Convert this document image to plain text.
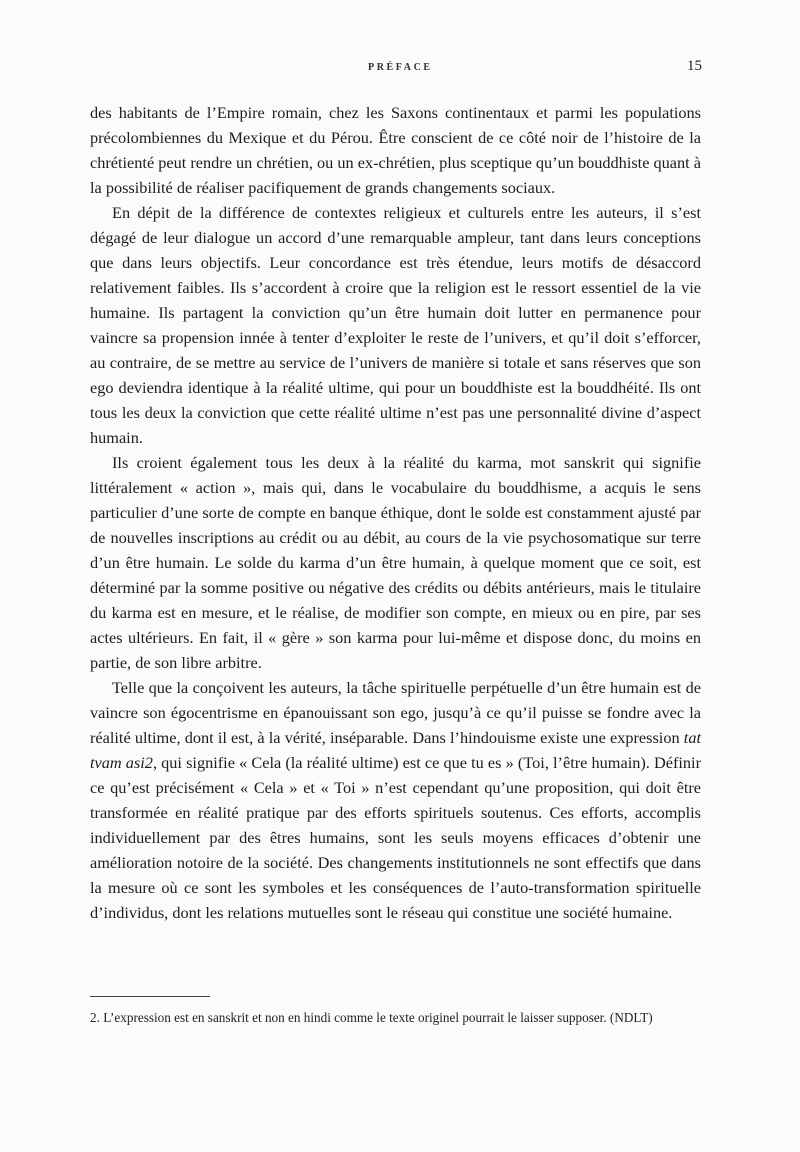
PRÉFACE	15

des habitants de l’Empire romain, chez les Saxons continentaux et parmi les populations précolombiennes du Mexique et du Pérou. Être conscient de ce côté noir de l’histoire de la chrétienté peut rendre un chrétien, ou un ex-chrétien, plus sceptique qu’un bouddhiste quant à la possibilité de réaliser pacifiquement de grands changements sociaux.

En dépit de la différence de contextes religieux et culturels entre les auteurs, il s’est dégagé de leur dialogue un accord d’une remarquable ampleur, tant dans leurs conceptions que dans leurs objectifs. Leur concordance est très étendue, leurs motifs de désaccord relativement faibles. Ils s’accordent à croire que la religion est le ressort essentiel de la vie humaine. Ils partagent la conviction qu’un être humain doit lutter en permanence pour vaincre sa propension innée à tenter d’exploiter le reste de l’univers, et qu’il doit s’efforcer, au contraire, de se mettre au service de l’univers de manière si totale et sans réserves que son ego deviendra identique à la réalité ultime, qui pour un bouddhiste est la bouddhéité. Ils ont tous les deux la conviction que cette réalité ultime n’est pas une personnalité divine d’aspect humain.

Ils croient également tous les deux à la réalité du karma, mot sanskrit qui signifie littéralement « action », mais qui, dans le vocabulaire du bouddhisme, a acquis le sens particulier d’une sorte de compte en banque éthique, dont le solde est constamment ajusté par de nouvelles inscriptions au crédit ou au débit, au cours de la vie psychosomatique sur terre d’un être humain. Le solde du karma d’un être humain, à quelque moment que ce soit, est déterminé par la somme positive ou négative des crédits ou débits antérieurs, mais le titulaire du karma est en mesure, et le réalise, de modifier son compte, en mieux ou en pire, par ses actes ultérieurs. En fait, il « gère » son karma pour lui-même et dispose donc, du moins en partie, de son libre arbitre.

Telle que la conçoivent les auteurs, la tâche spirituelle perpétuelle d’un être humain est de vaincre son égocentrisme en épanouissant son ego, jusqu’à ce qu’il puisse se fondre avec la réalité ultime, dont il est, à la vérité, inséparable. Dans l’hindouisme existe une expression tat tvam asi2, qui signifie « Cela (la réalité ultime) est ce que tu es » (Toi, l’être humain). Définir ce qu’est précisément « Cela » et « Toi » n’est cependant qu’une proposition, qui doit être transformée en réalité pratique par des efforts spirituels soutenus. Ces efforts, accomplis individuellement par des êtres humains, sont les seuls moyens efficaces d’obtenir une amélioration notoire de la société. Des changements institutionnels ne sont effectifs que dans la mesure où ce sont les symboles et les conséquences de l’auto-transformation spirituelle d’individus, dont les relations mutuelles sont le réseau qui constitue une société humaine.

2. L’expression est en sanskrit et non en hindi comme le texte originel pourrait le laisser supposer. (NDLT)
